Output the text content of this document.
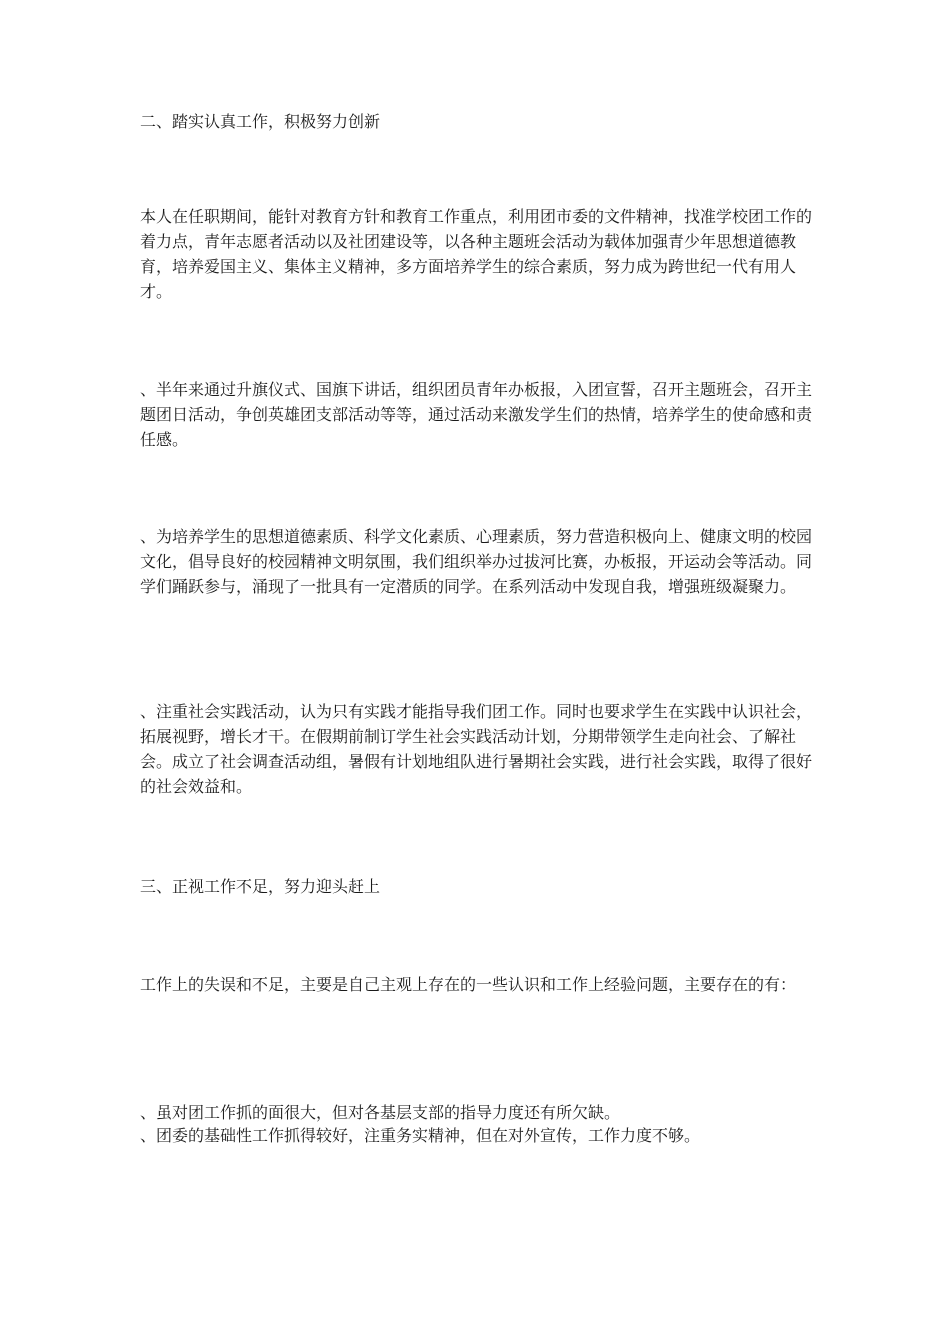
二、踏实认真工作，积极努力创新

本人在任职期间，能针对教育方针和教育工作重点，利用团市委的文件精神，找准学校团工作的着力点，青年志愿者活动以及社团建设等，以各种主题班会活动为载体加强青少年思想道德教育，培养爱国主义、集体主义精神，多方面培养学生的综合素质，努力成为跨世纪一代有用人才。

、半年来通过升旗仪式、国旗下讲话，组织团员青年办板报，入团宣誓，召开主题班会，召开主题团日活动，争创英雄团支部活动等等，通过活动来激发学生们的热情，培养学生的使命感和责任感。

、为培养学生的思想道德素质、科学文化素质、心理素质，努力营造积极向上、健康文明的校园文化，倡导良好的校园精神文明氛围，我们组织举办过拔河比赛，办板报，开运动会等活动。同学们踊跃参与，涌现了一批具有一定潜质的同学。在系列活动中发现自我，增强班级凝聚力。

、注重社会实践活动，认为只有实践才能指导我们团工作。同时也要求学生在实践中认识社会，拓展视野，增长才干。在假期前制订学生社会实践活动计划，分期带领学生走向社会、了解社会。成立了社会调查活动组，暑假有计划地组队进行暑期社会实践，进行社会实践，取得了很好的社会效益和。

三、正视工作不足，努力迎头赶上

工作上的失误和不足，主要是自己主观上存在的一些认识和工作上经验问题，主要存在的有：

、虽对团工作抓的面很大，但对各基层支部的指导力度还有所欠缺。

、团委的基础性工作抓得较好，注重务实精神，但在对外宣传，工作力度不够。
